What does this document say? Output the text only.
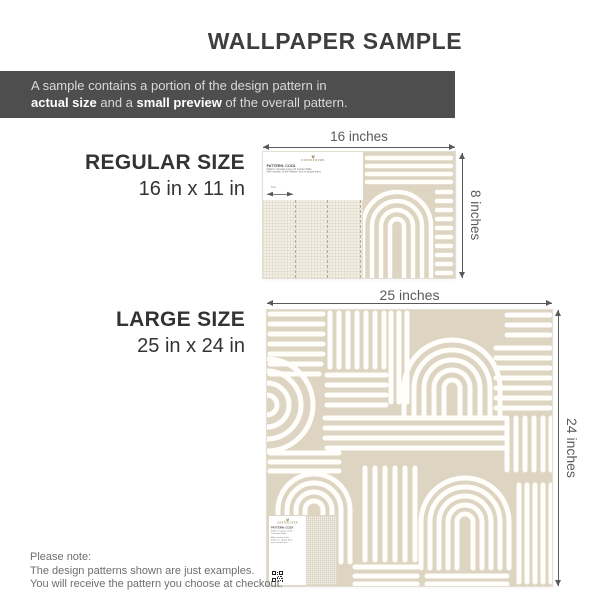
WALLPAPER SAMPLE
A sample contains a portion of the design pattern in
actual size and a small preview of the overall pattern.
REGULAR SIZE
16 in x 11 in
16 inches
8 inches
COSTACOVER
PATTERN: COZA
Pattern repeats every 24 inches Wide
Mini version of the Pattern (not in actual size)
5 in
LARGE SIZE
25 in x 24 in
25 inches
24 inches
COSTACOVER
PATTERN: COZA
Pattern repeats every
24 inches Wide
Mini version of the
Pattern is shown here,
not in actual size
Please note:
The design patterns shown are just examples.
You will receive the pattern you choose at checkout.
